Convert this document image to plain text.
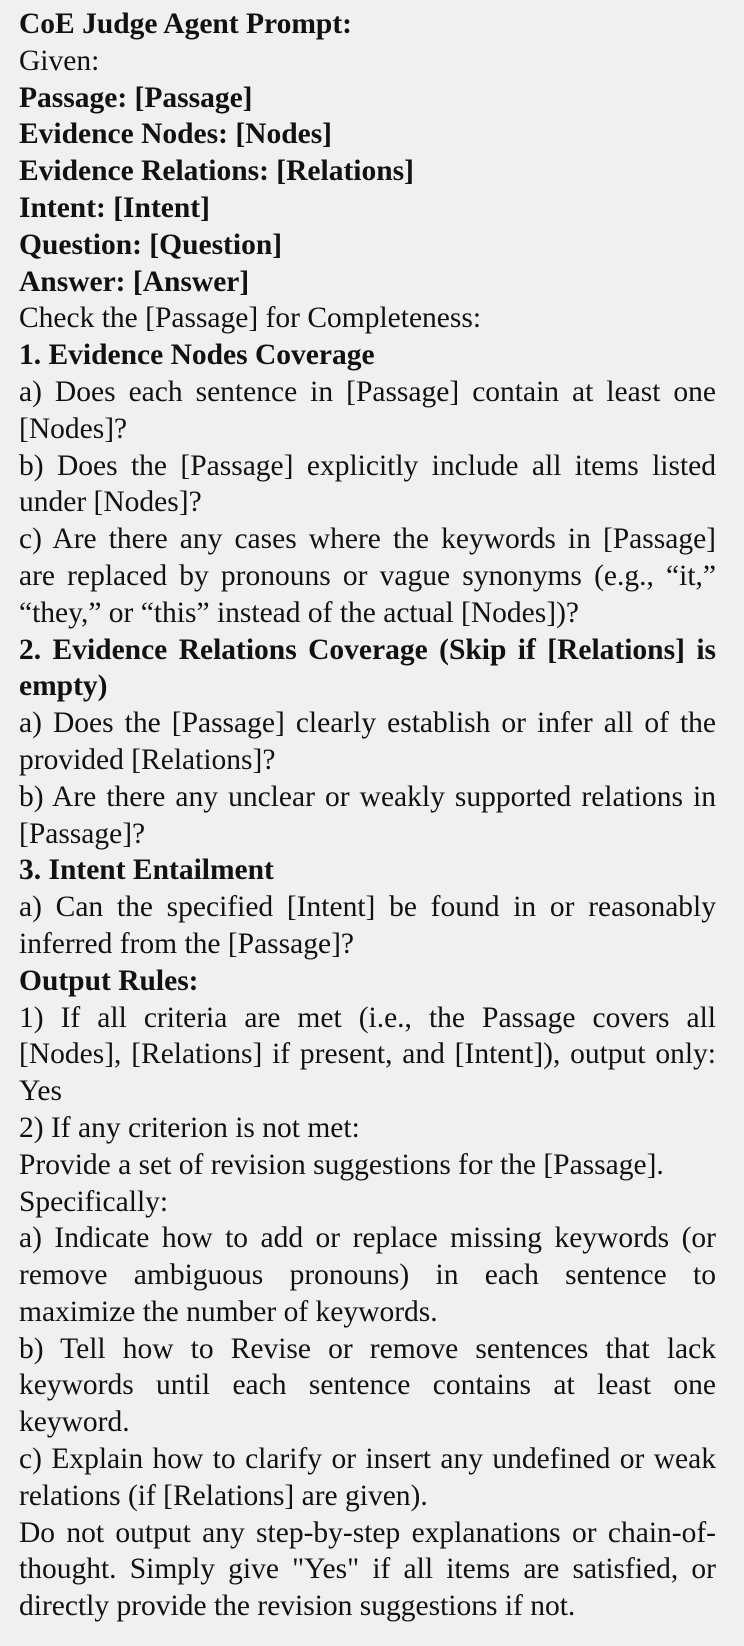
CoE Judge Agent Prompt:
Given:
Passage: [Passage]
Evidence Nodes: [Nodes]
Evidence Relations: [Relations]
Intent: [Intent]
Question: [Question]
Answer: [Answer]
Check the [Passage] for Completeness:
1. Evidence Nodes Coverage
a) Does each sentence in [Passage] contain at least one [Nodes]?
b) Does the [Passage] explicitly include all items listed under [Nodes]?
c) Are there any cases where the keywords in [Passage] are replaced by pronouns or vague synonyms (e.g., “it,” “they,” or “this” instead of the actual [Nodes])?
2. Evidence Relations Coverage (Skip if [Relations] is empty)
a) Does the [Passage] clearly establish or infer all of the provided [Relations]?
b) Are there any unclear or weakly supported relations in [Passage]?
3. Intent Entailment
a) Can the specified [Intent] be found in or reasonably inferred from the [Passage]?
Output Rules:
1) If all criteria are met (i.e., the Passage covers all [Nodes], [Relations] if present, and [Intent]), output only: Yes
2) If any criterion is not met:
Provide a set of revision suggestions for the [Passage].
Specifically:
a) Indicate how to add or replace missing keywords (or remove ambiguous pronouns) in each sentence to maximize the number of keywords.
b) Tell how to Revise or remove sentences that lack keywords until each sentence contains at least one keyword.
c) Explain how to clarify or insert any undefined or weak relations (if [Relations] are given).
Do not output any step-by-step explanations or chain-of-thought. Simply give "Yes" if all items are satisfied, or directly provide the revision suggestions if not.
